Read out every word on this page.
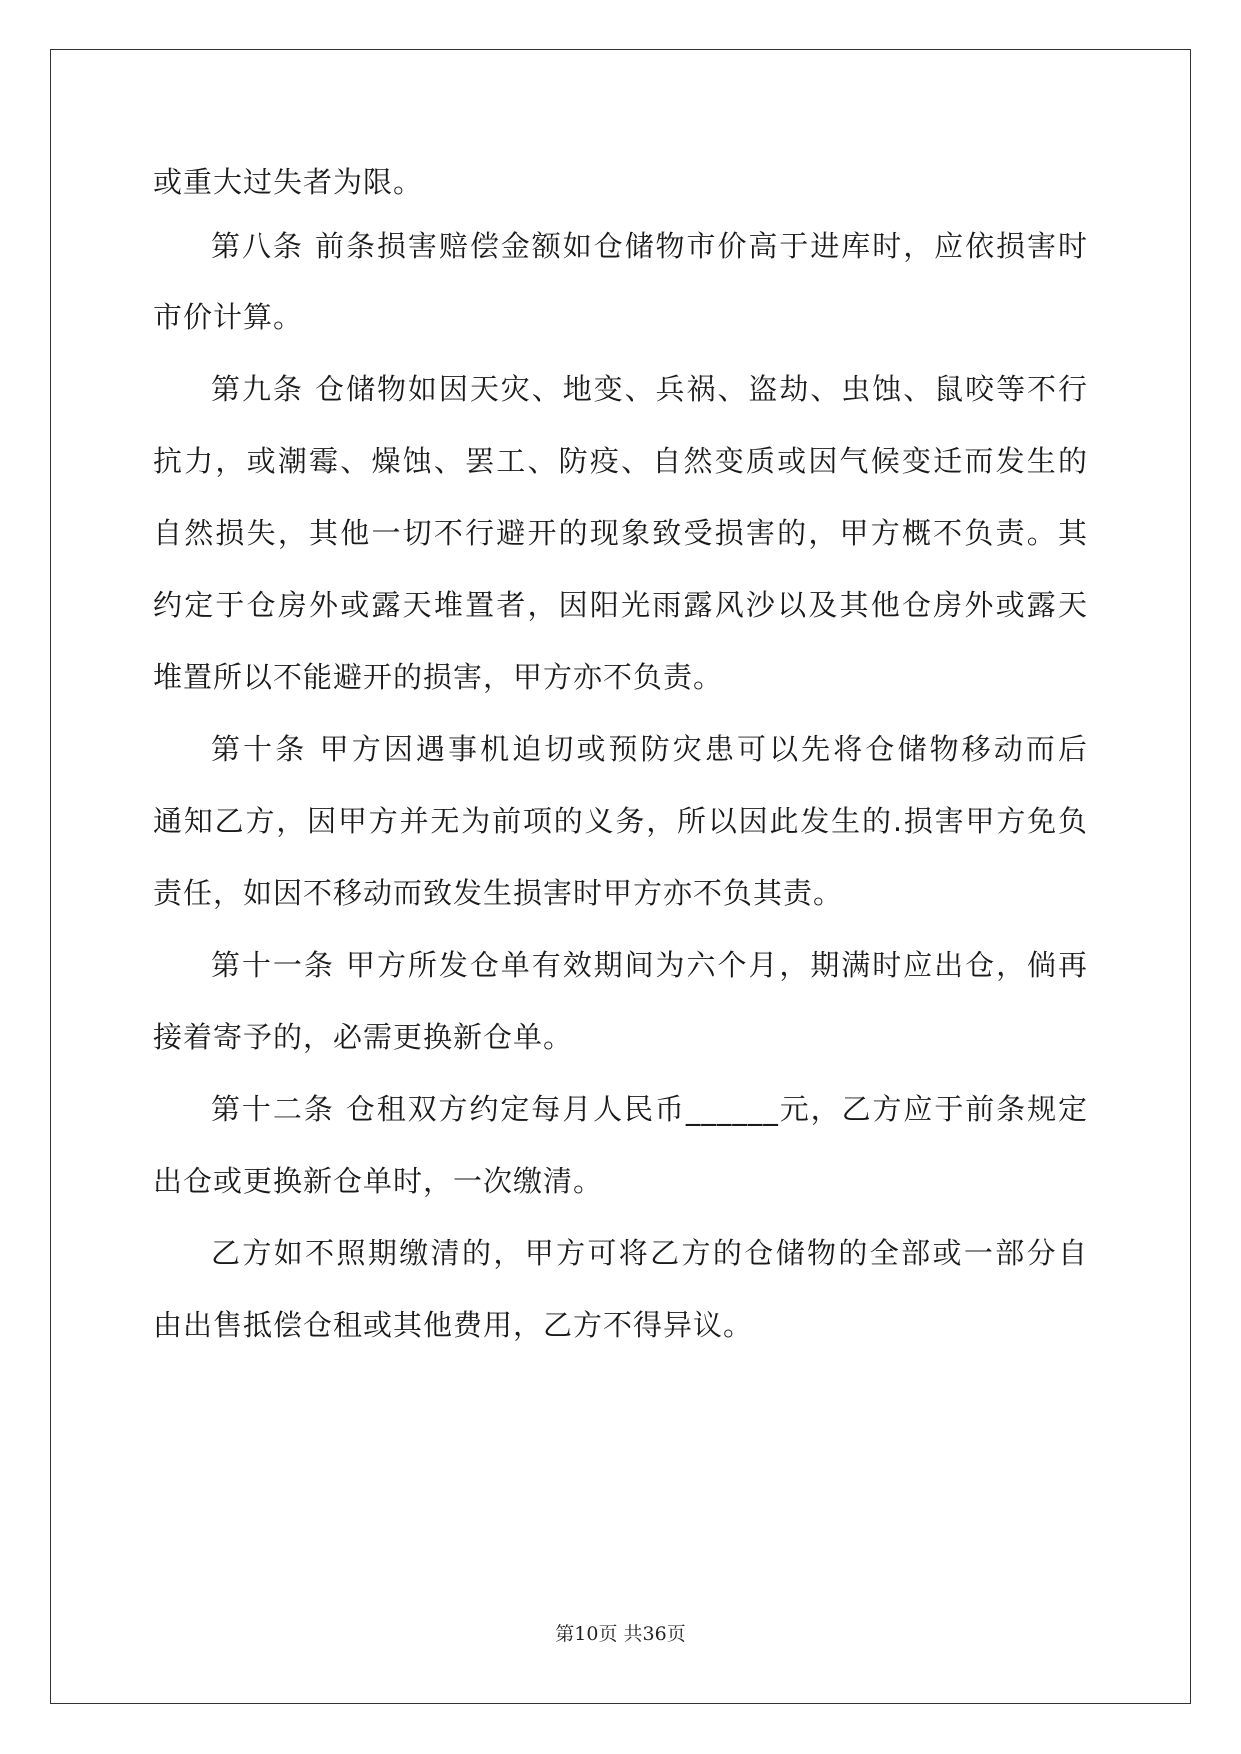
或重大过失者为限。
第八条 前条损害赔偿金额如仓储物市价高于进库时，应依损害时
市价计算。
第九条 仓储物如因天灾、地变、兵祸、盗劫、虫蚀、鼠咬等不行
抗力，或潮霉、燥蚀、罢工、防疫、自然变质或因气候变迁而发生的
自然损失，其他一切不行避开的现象致受损害的，甲方概不负责。其
约定于仓房外或露天堆置者，因阳光雨露风沙以及其他仓房外或露天
堆置所以不能避开的损害，甲方亦不负责。
第十条 甲方因遇事机迫切或预防灾患可以先将仓储物移动而后
通知乙方，因甲方并无为前项的义务，所以因此发生的.损害甲方免负
责任，如因不移动而致发生损害时甲方亦不负其责。
第十一条 甲方所发仓单有效期间为六个月，期满时应出仓，倘再
接着寄予的，必需更换新仓单。
第十二条 仓租双方约定每月人民币______元，乙方应于前条规定
出仓或更换新仓单时，一次缴清。
乙方如不照期缴清的，甲方可将乙方的仓储物的全部或一部分自
由出售抵偿仓租或其他费用，乙方不得异议。
第10页 共36页
